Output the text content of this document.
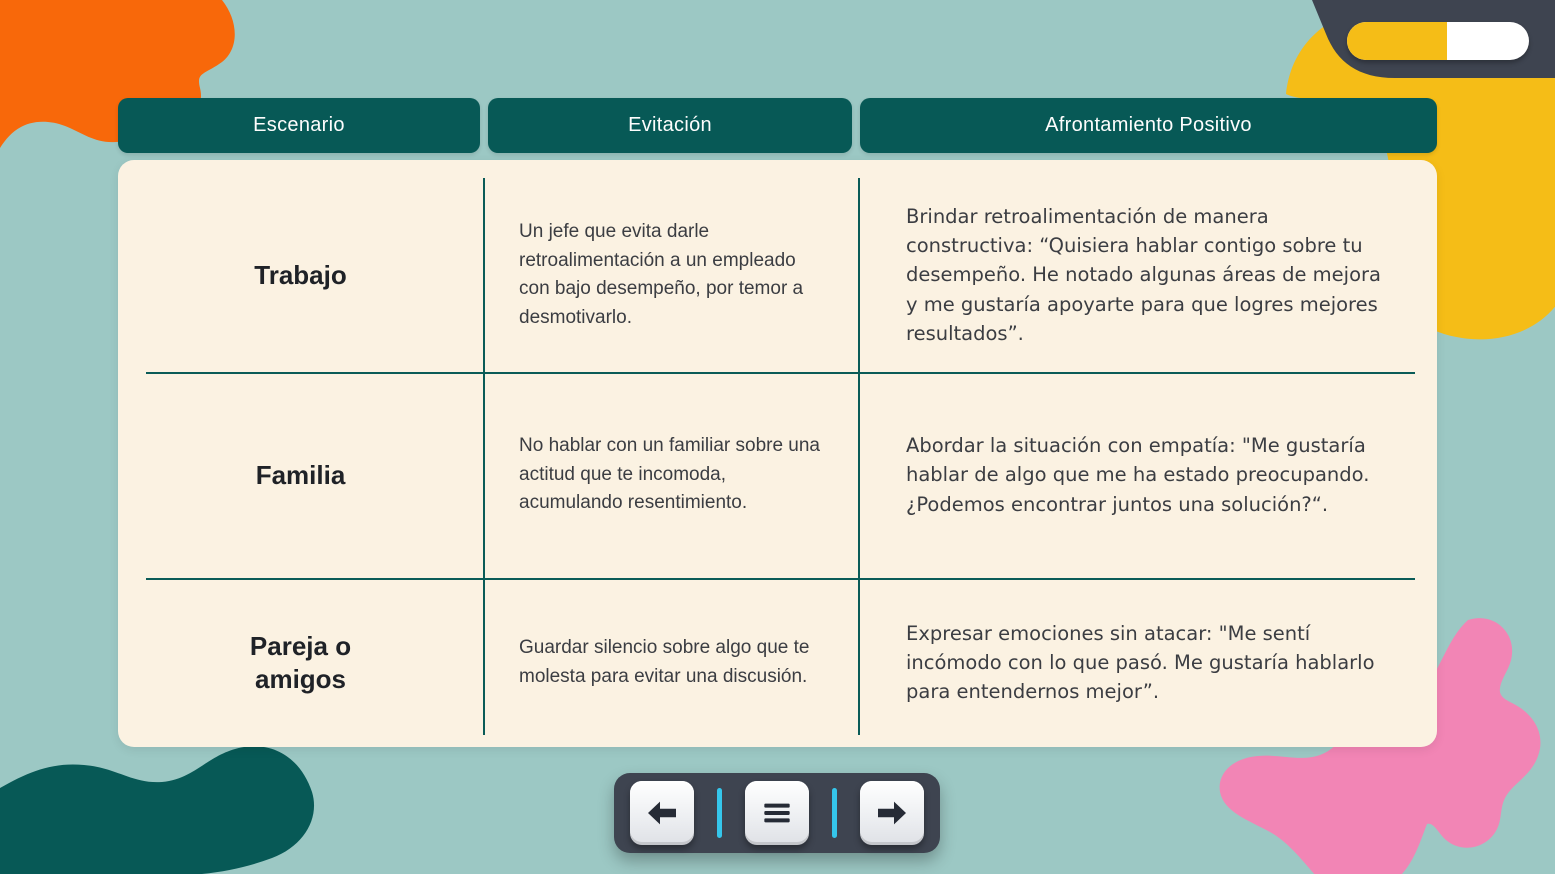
Escenario	Evitación	Afrontamiento Positivo
Trabajo
Un jefe que evita darle retroalimentación a un empleado con bajo desempeño, por temor a desmotivarlo.
Brindar retroalimentación de manera constructiva: “Quisiera hablar contigo sobre tu desempeño. He notado algunas áreas de mejora y me gustaría apoyarte para que logres mejores resultados”.
Familia
No hablar con un familiar sobre una actitud que te incomoda, acumulando resentimiento.
Abordar la situación con empatía: "Me gustaría hablar de algo que me ha estado preocupando. ¿Podemos encontrar juntos una solución?“.
Pareja o amigos
Guardar silencio sobre algo que te molesta para evitar una discusión.
Expresar emociones sin atacar: "Me sentí incómodo con lo que pasó. Me gustaría hablarlo para entendernos mejor”.
